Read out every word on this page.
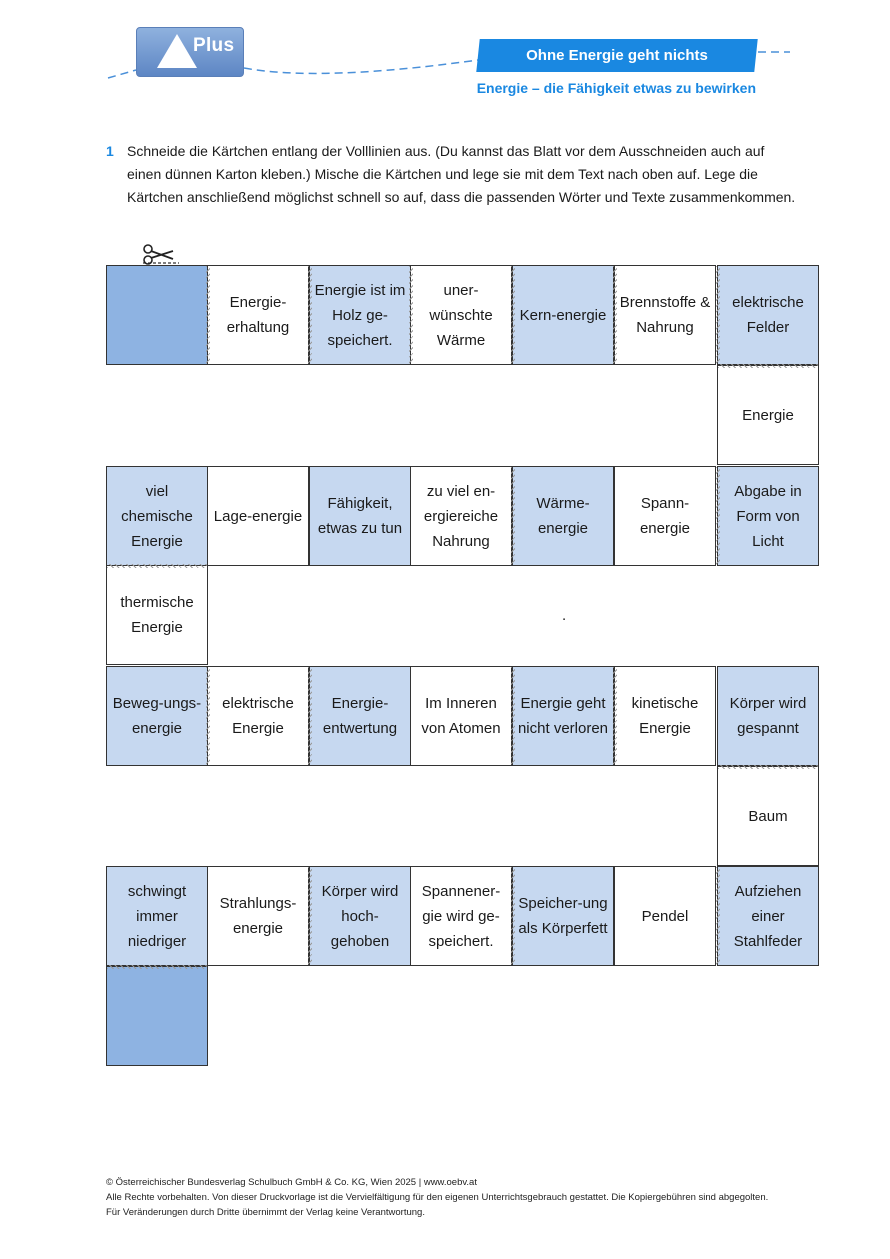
Plus	Ohne Energie geht nichts
Energie – die Fähigkeit etwas zu bewirken
1 Schneide die Kärtchen entlang der Volllinien aus. (Du kannst das Blatt vor dem Ausschneiden auch auf einen dünnen Karton kleben.) Mische die Kärtchen und lege sie mit dem Text nach oben auf. Lege die Kärtchen anschließend möglichst schnell so auf, dass die passenden Wörter und Texte zusammenkommen.
Energie-erhaltung
Energie ist im Holz ge-speichert.
uner-wünschte Wärme
Kern-energie
Brennstoffe & Nahrung
elektrische Felder
Energie
viel chemische Energie
Lage-energie
Fähigkeit, etwas zu tun
zu viel en-ergiereiche Nahrung
Wärme-energie
Spann-energie
Abgabe in Form von Licht
thermische Energie
Beweg-ungs-energie
elektrische Energie
Energie-entwertung
Im Inneren von Atomen
Energie geht nicht verloren
kinetische Energie
Körper wird gespannt
Baum
schwingt immer niedriger
Strahlungs-energie
Körper wird hoch-gehoben
Spannener-gie wird ge-speichert.
Speicher-ung als Körperfett
Pendel
Aufziehen einer Stahlfeder
.
© Österreichischer Bundesverlag Schulbuch GmbH & Co. KG, Wien 2025 | www.oebv.at
Alle Rechte vorbehalten. Von dieser Druckvorlage ist die Vervielfältigung für den eigenen Unterrichtsgebrauch gestattet. Die Kopiergebühren sind abgegolten.
Für Veränderungen durch Dritte übernimmt der Verlag keine Verantwortung.
